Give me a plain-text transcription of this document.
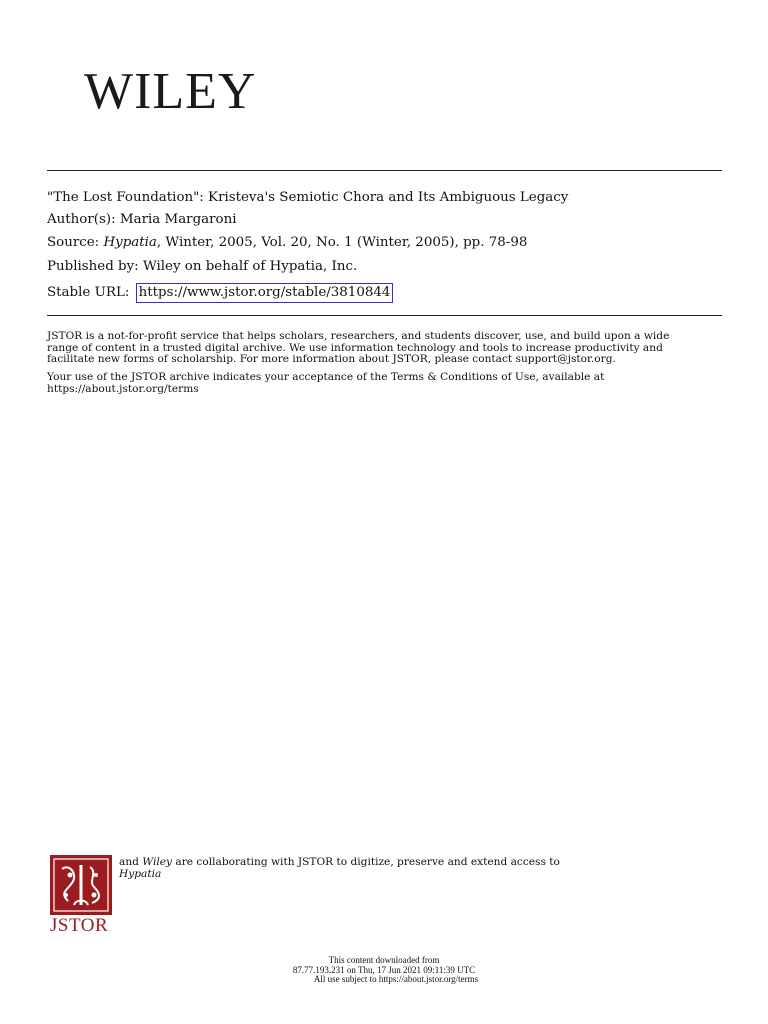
WILEY
"The Lost Foundation": Kristeva's Semiotic Chora and Its Ambiguous Legacy
Author(s): Maria Margaroni
Source: Hypatia, Winter, 2005, Vol. 20, No. 1 (Winter, 2005), pp. 78-98
Published by: Wiley on behalf of Hypatia, Inc.
Stable URL: https://www.jstor.org/stable/3810844
JSTOR is a not-for-profit service that helps scholars, researchers, and students discover, use, and build upon a wide
range of content in a trusted digital archive. We use information technology and tools to increase productivity and
facilitate new forms of scholarship. For more information about JSTOR, please contact support@jstor.org.
Your use of the JSTOR archive indicates your acceptance of the Terms & Conditions of Use, available at
https://about.jstor.org/terms
JSTOR
and Wiley are collaborating with JSTOR to digitize, preserve and extend access to
Hypatia
This content downloaded from
87.77.193.231 on Thu, 17 Jun 2021 09:11:39 UTC
All use subject to https://about.jstor.org/terms
